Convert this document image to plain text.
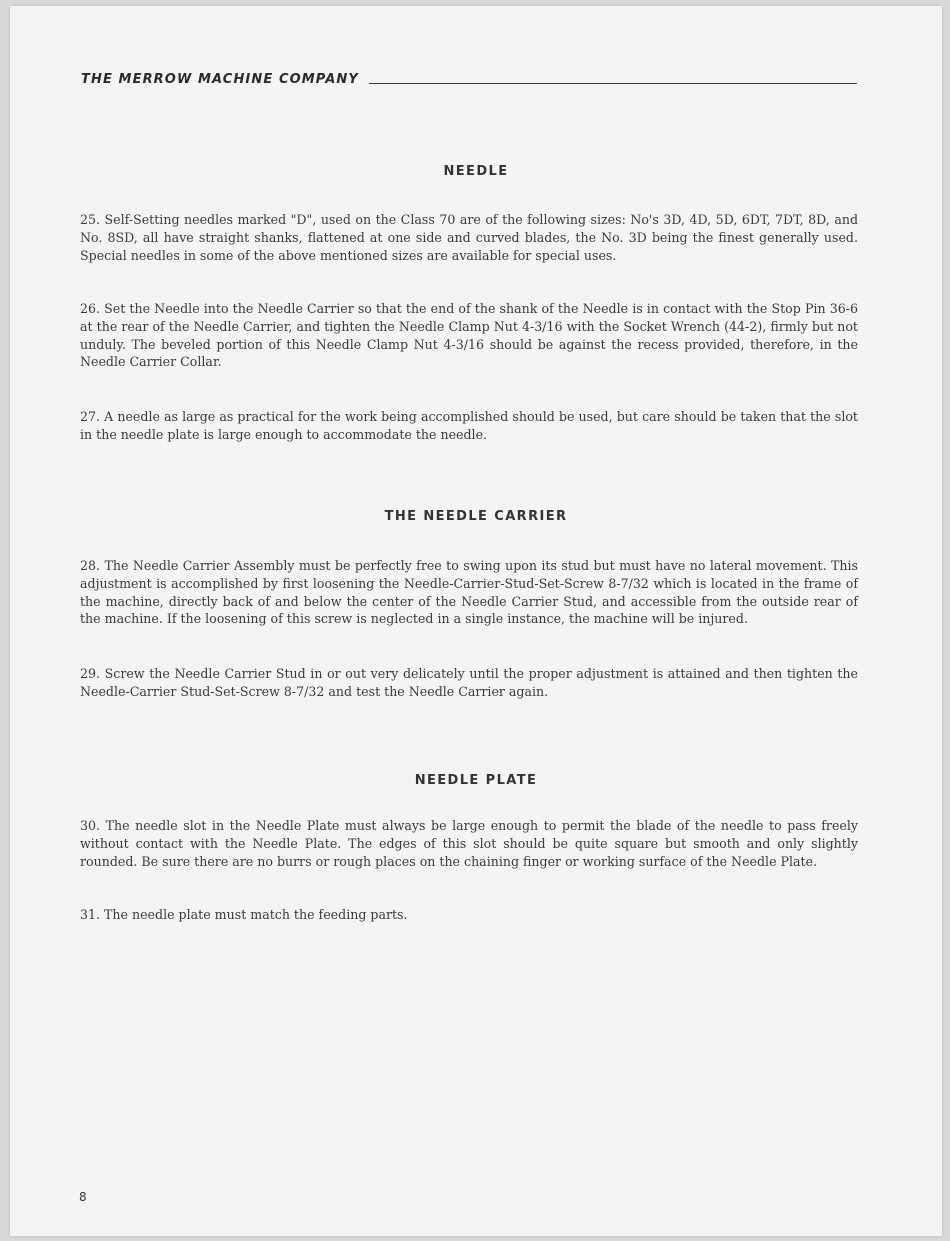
THE MERROW MACHINE COMPANY
NEEDLE

25. Self-Setting needles marked "D", used on the Class 70 are of the following sizes: No's 3D, 4D, 5D, 6DT, 7DT, 8D, and No. 8SD, all have straight shanks, flattened at one side and curved blades, the No. 3D being the finest generally used. Special needles in some of the above mentioned sizes are available for special uses.

26. Set the Needle into the Needle Carrier so that the end of the shank of the Needle is in contact with the Stop Pin 36-6 at the rear of the Needle Carrier, and tighten the Needle Clamp Nut 4-3/16 with the Socket Wrench (44-2), firmly but not unduly. The beveled portion of this Needle Clamp Nut 4-3/16 should be against the recess provided, therefore, in the Needle Carrier Collar.

27. A needle as large as practical for the work being accomplished should be used, but care should be taken that the slot in the needle plate is large enough to accommodate the needle.

THE NEEDLE CARRIER

28. The Needle Carrier Assembly must be perfectly free to swing upon its stud but must have no lateral movement. This adjustment is accomplished by first loosening the Needle-Carrier-Stud-Set-Screw 8-7/32 which is located in the frame of the machine, directly back of and below the center of the Needle Carrier Stud, and accessible from the outside rear of the machine. If the loosening of this screw is neglected in a single instance, the machine will be injured.

29. Screw the Needle Carrier Stud in or out very delicately until the proper adjustment is attained and then tighten the Needle-Carrier Stud-Set-Screw 8-7/32 and test the Needle Carrier again.

NEEDLE PLATE

30. The needle slot in the Needle Plate must always be large enough to permit the blade of the needle to pass freely without contact with the Needle Plate. The edges of this slot should be quite square but smooth and only slightly rounded. Be sure there are no burrs or rough places on the chaining finger or working surface of the Needle Plate.

31. The needle plate must match the feeding parts.

8
